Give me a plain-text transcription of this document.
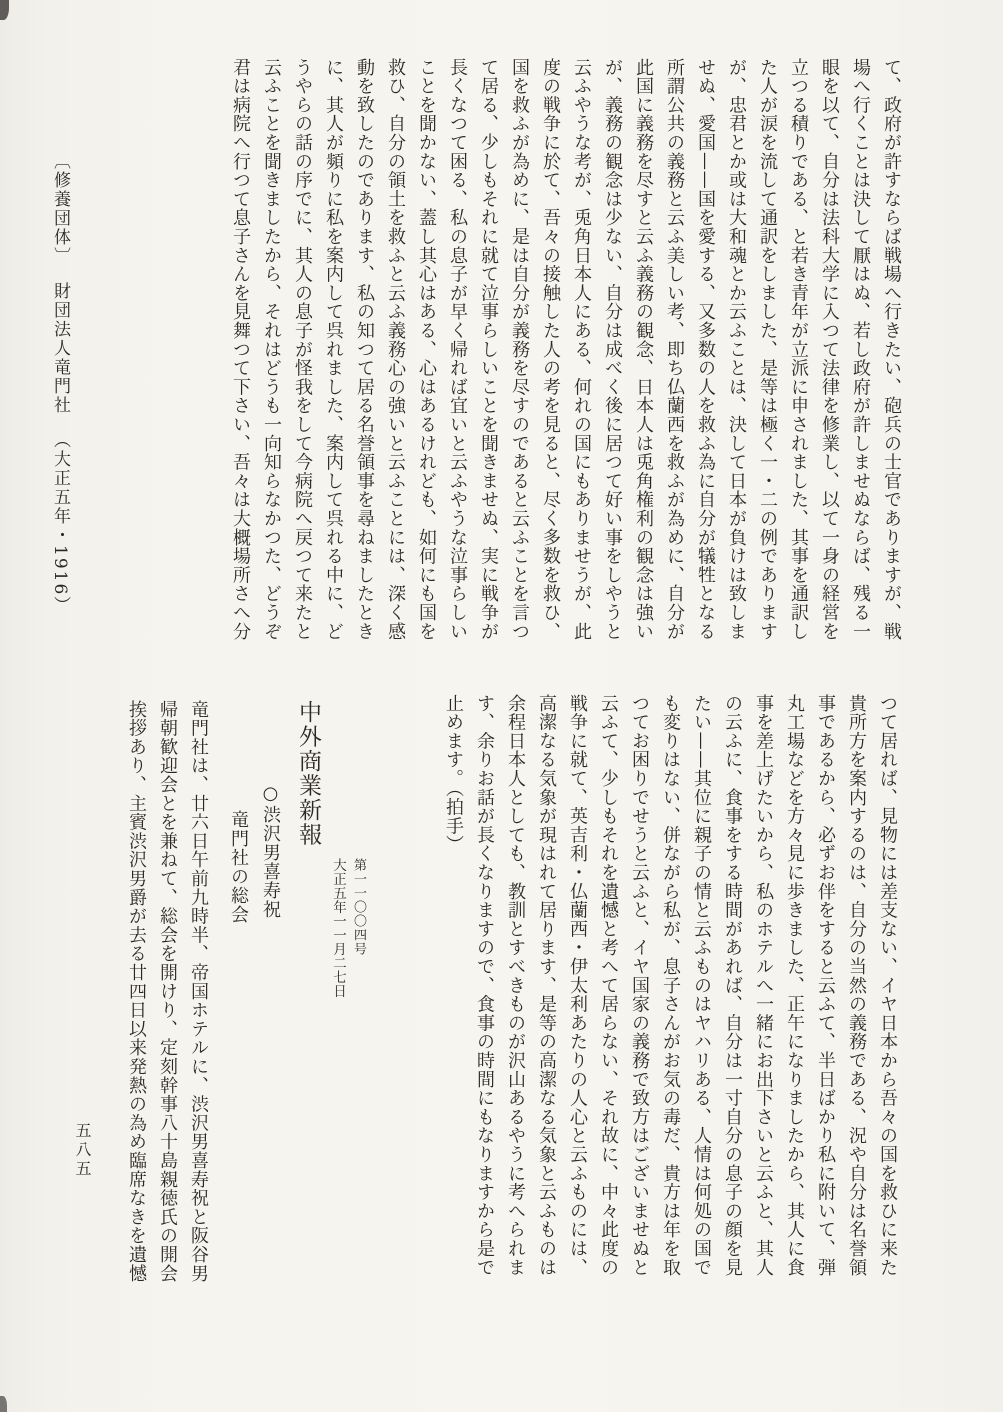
て、政府が許すならば戦場へ行きたい、砲兵の士官でありますが、戦

場へ行くことは決して厭はぬ、若し政府が許しませぬならば、残る一

眼を以て、自分は法科大学に入つて法律を修業し、以て一身の経営を

立つる積りである、と若き青年が立派に申されました、其事を通訳し

た人が涙を流して通訳をしました、是等は極く一・二の例であります

が、忠君とか或は大和魂とか云ふことは、決して日本が負けは致しま

せぬ、愛国——国を愛する、又多数の人を救ふ為に自分が犠牲となる

所謂公共の義務と云ふ美しい考、即ち仏蘭西を救ふが為めに、自分が

此国に義務を尽すと云ふ義務の観念、日本人は兎角権利の観念は強い

が、義務の観念は少ない、自分は成べく後に居つて好い事をしやうと

云ふやうな考が、兎角日本人にある、何れの国にもありませうが、此

度の戦争に於て、吾々の接触した人の考を見ると、尽く多数を救ひ、

国を救ふが為めに、是は自分が義務を尽すのであると云ふことを言つ

て居る、少しもそれに就て泣事らしいことを聞きませぬ、実に戦争が

長くなつて困る、私の息子が早く帰れば宜いと云ふやうな泣事らしい

ことを聞かない、蓋し其心はある、心はあるけれども、如何にも国を

救ひ、自分の領土を救ふと云ふ義務心の強いと云ふことには、深く感

動を致したのであります、私の知つて居る名誉領事を尋ねましたとき

に、其人が頻りに私を案内して呉れました、案内して呉れる中に、ど

うやらの話の序でに、其人の息子が怪我をして今病院へ戻つて来たと

云ふことを聞きましたから、それはどうも一向知らなかつた、どうぞ

君は病院へ行つて息子さんを見舞つて下さい、吾々は大概場所さへ分

〔修養団体〕財団法人竜門社（大正五年・1916）

つて居れば、見物には差支ない、イヤ日本から吾々の国を救ひに来た

貴所方を案内するのは、自分の当然の義務である、況や自分は名誉領

事であるから、必ずお伴をすると云ふて、半日ばかり私に附いて、弾

丸工場などを方々見に歩きました、正午になりましたから、其人に食

事を差上げたいから、私のホテルへ一緒にお出下さいと云ふと、其人

の云ふに、食事をする時間があれば、自分は一寸自分の息子の顔を見

たい——其位に親子の情と云ふものはヤハリある、人情は何処の国で

も変りはない、併ながら私が、息子さんがお気の毒だ、貴方は年を取

つてお困りでせうと云ふと、イヤ国家の義務で致方はございませぬと

云ふて、少しもそれを遺憾と考へて居らない、それ故に、中々此度の

戦争に就て、英吉利・仏蘭西・伊太利あたりの人心と云ふものには、

高潔なる気象が現はれて居ります、是等の高潔なる気象と云ふものは

余程日本人としても、教訓とすべきものが沢山あるやうに考へられま

す、余りお話が長くなりますので、食事の時間にもなりますから是で

止めます。（拍手）

中外商業新報
第一一〇〇四号
大正五年一一月二七日
○渋沢男喜寿祝
竜門社の総会

竜門社は、廿六日午前九時半、帝国ホテルに、渋沢男喜寿祝と阪谷男

帰朝歓迎会とを兼ねて、総会を開けり、定刻幹事八十島親徳氏の開会

挨拶あり、主賓渋沢男爵が去る廿四日以来発熱の為め臨席なきを遺憾

五八五
